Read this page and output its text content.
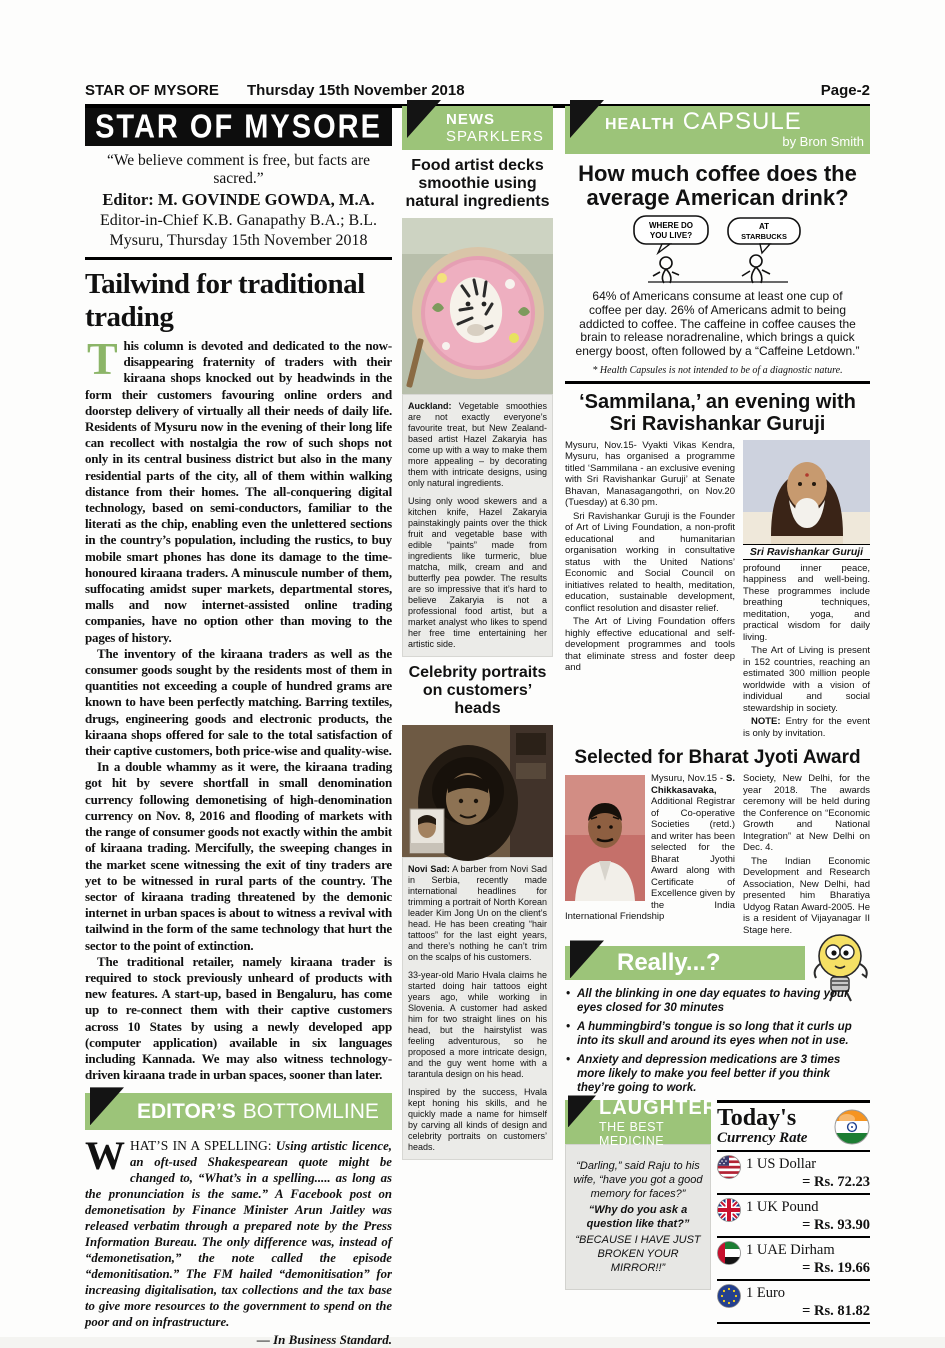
STAR OF MYSORE	Thursday 15th November 2018	Page-2
STAR OF MYSORE
“We believe comment is free, but facts are sacred.”
Editor: M. GOVINDE GOWDA, M.A.
Editor-in-Chief K.B. Ganapathy B.A.; B.L.
Mysuru, Thursday 15th November 2018
Tailwind for traditional trading

This column is devoted and dedicated to the now-disappearing fraternity of traders with their kiraana shops knocked out by headwinds in the form their customers favouring online orders and doorstep delivery of virtually all their needs of daily life. Residents of Mysuru now in the evening of their long life can recollect with nostalgia the row of such shops not only in its central business district but also in the many residential parts of the city, all of them within walking distance from their homes. The all-conquering digital technology, based on semi-conductors, familiar to the literati as the chip, enabling even the unlettered sections in the country’s population, including the rustics, to buy mobile smart phones has done its damage to the time-honoured kiraana traders. A minuscule number of them, suffocating amidst super markets, departmental stores, malls and now internet-assisted online trading companies, have no option other than moving to the pages of history.

The inventory of the kiraana traders as well as the consumer goods sought by the residents most of them in quantities not exceeding a couple of hundred grams are known to have been perfectly matching. Barring textiles, drugs, engineering goods and electronic products, the kiraana shops offered for sale to the total satisfaction of their captive customers, both price-wise and quality-wise.

In a double whammy as it were, the kiraana trading got hit by severe shortfall in small denomination currency following demonetising of high-denomination currency on Nov. 8, 2016 and flooding of markets with the range of consumer goods not exactly within the ambit of kiraana trading. Mercifully, the sweeping changes in the market scene witnessing the exit of tiny traders are yet to be witnessed in rural parts of the country. The sector of kiraana trading threatened by the demonic internet in urban spaces is about to witness a revival with tailwind in the form of the same technology that hurt the sector to the point of extinction.

The traditional retailer, namely kiraana trader is required to stock previously unheard of products with new features. A start-up, based in Bengaluru, has come up to re-connect them with their captive customers across 10 States by using a newly developed app (computer application) available in six languages including Kannada. We may also witness technology-driven kiraana trade in urban spaces, sooner than later.

EDITOR’S BOTTOMLINE
WHAT’S IN A SPELLING: Using artistic licence, an oft-used Shakespearean quote might be changed to, “What’s in a spelling..... as long as the pronunciation is the same.” A Facebook post on demonetisation by Finance Minister Arun Jaitley was released verbatim through a prepared note by the Press Information Bureau. The only difference was, instead of “demonetisation,” the note called the episode “demonitisation.” The FM hailed “demonitisation” for increasing digitalisation, tax collections and the tax base to give more resources to the government to spend on the poor and on infrastructure.
— In Business Standard.
NEWS
SPARKLERS
Food artist decks smoothie using natural ingredients

Auckland: Vegetable smoothies are not exactly everyone’s favourite treat, but New Zealand-based artist Hazel Zakaryia has come up with a way to make them more appealing – by decorating them with intricate designs, using only natural ingredients.

Using only wood skewers and a kitchen knife, Hazel Zakaryia painstakingly paints over the thick fruit and vegetable base with edible “paints” made from ingredients like turmeric, blue matcha, milk, cream and and butterfly pea powder. The results are so impressive that it’s hard to believe Zakaryia is not a professional food artist, but a market analyst who likes to spend her free time entertaining her artistic side.

Celebrity portraits on customers’ heads

Novi Sad: A barber from Novi Sad in Serbia, recently made international headlines for trimming a portrait of North Korean leader Kim Jong Un on the client’s head. He has been creating “hair tattoos” for the last eight years, and there’s nothing he can’t trim on the scalps of his customers.

33-year-old Mario Hvala claims he started doing hair tattoos eight years ago, while working in Slovenia. A customer had asked him for two straight lines on his head, but the hairstylist was feeling adventurous, so he proposed a more intricate design, and the guy went home with a tarantula design on his head.

Inspired by the success, Hvala kept honing his skills, and he quickly made a name for himself by carving all kinds of design and celebrity portraits on customers’ heads.

HEALTH CAPSULE
by Bron Smith
How much coffee does the average American drink?
WHERE DO
YOU LIVE?
AT
STARBUCKS
64% of Americans consume at least one cup of coffee per day. 26% of Americans admit to being addicted to coffee. The caffeine in coffee causes the brain to release noradrenaline, which brings a quick energy boost, often followed by a “Caffeine Letdown.”
* Health Capsules is not intended to be of a diagnostic nature.
‘Sammilana,’ an evening with Sri Ravishankar Guruji

Mysuru, Nov.15- Vyakti Vikas Kendra, Mysuru, has organised a programme titled ‘Sammilana - an exclusive evening with Sri Ravishankar Guruji’ at Senate Bhavan, Manasagangothri, on Nov.20 (Tuesday) at 6.30 pm.

Sri Ravishankar Guruji is the Founder of Art of Living Foundation, a non-profit educational and humanitarian organisation working in consultative status with the United Nations’ Economic and Social Council on initiatives related to health, meditation, education, sustainable development, conflict resolution and disaster relief.

The Art of Living Foundation offers highly effective educational and self-development programmes and tools that eliminate stress and foster deep and

Sri Ravishankar Guruji

profound inner peace, happiness and well-being. These programmes include breathing techniques, meditation, yoga, and practical wisdom for daily living.

The Art of Living is present in 152 countries, reaching an estimated 300 million people worldwide with a vision of individual and social stewardship in society.

NOTE: Entry for the event is only by invitation.

Selected for Bharat Jyoti Award

Mysuru, Nov.15 - S. Chikkasavaka, Additional Registrar of Co-operative Societies (retd.) and writer has been selected for the Bharat Jyothi Award along with Certificate of Excellence given by the India International Friendship

Society, New Delhi, for the year 2018. The awards ceremony will be held during the Conference on “Economic Growth and National Integration” at New Delhi on Dec. 4.

The Indian Economic Development and Research Association, New Delhi, had presented him Bharatiya Udyog Ratan Award-2005. He is a resident of Vijayanagar II Stage here.

Really...?
• All the blinking in one day equates to having your eyes closed for 30 minutes
• A hummingbird’s tongue is so long that it curls up into its skull and around its eyes when not in use.
• Anxiety and depression medications are 3 times more likely to make you feel better if you think they’re going to work.
LAUGHTER
THE BEST MEDICINE
“Darling,” said Raju to his wife, “have you got a good memory for faces?”
“Why do you ask a question like that?”
“BECAUSE I HAVE JUST BROKEN YOUR MIRROR!!”
Today's
Currency Rate
1 US Dollar
= Rs. 72.23
1 UK Pound
= Rs. 93.90
1 UAE Dirham
= Rs. 19.66
1 Euro
= Rs. 81.82
